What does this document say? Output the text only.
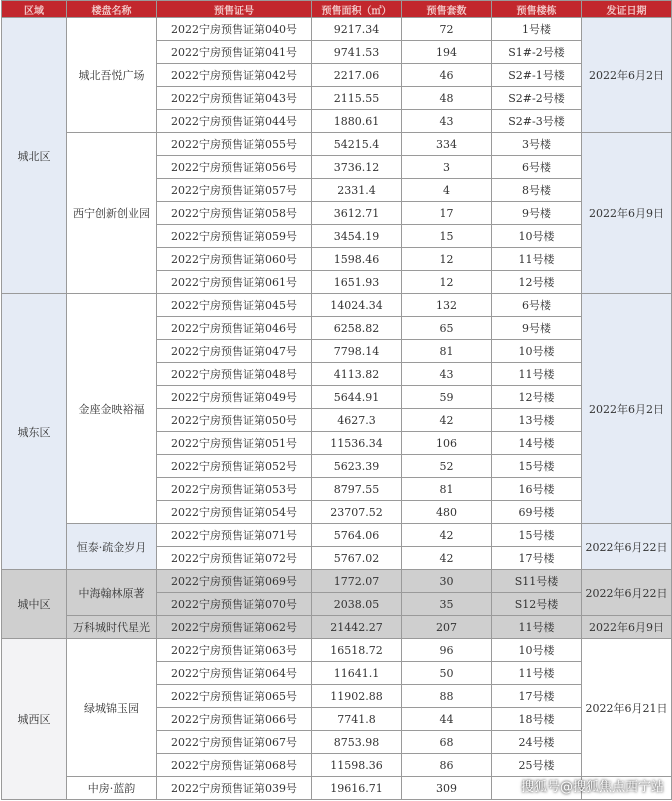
区域	楼盘名称	预售证号	预售面积（㎡）	预售套数	预售楼栋	发证日期
城北区	城北吾悦广场	2022宁房预售证第040号	9217.34	72	1号楼	2022年6月2日
		2022宁房预售证第041号	9741.53	194	S1#-2号楼	
		2022宁房预售证第042号	2217.06	46	S2#-1号楼	
		2022宁房预售证第043号	2115.55	48	S2#-2号楼	
		2022宁房预售证第044号	1880.61	43	S2#-3号楼	
	西宁创新创业园	2022宁房预售证第055号	54215.4	334	3号楼	2022年6月9日
		2022宁房预售证第056号	3736.12	3	6号楼	
		2022宁房预售证第057号	2331.4	4	8号楼	
		2022宁房预售证第058号	3612.71	17	9号楼	
		2022宁房预售证第059号	3454.19	15	10号楼	
		2022宁房预售证第060号	1598.46	12	11号楼	
		2022宁房预售证第061号	1651.93	12	12号楼	
城东区	金座金映裕福	2022宁房预售证第045号	14024.34	132	6号楼	2022年6月2日
		2022宁房预售证第046号	6258.82	65	9号楼	
		2022宁房预售证第047号	7798.14	81	10号楼	
		2022宁房预售证第048号	4113.82	43	11号楼	
		2022宁房预售证第049号	5644.91	59	12号楼	
		2022宁房预售证第050号	4627.3	42	13号楼	
		2022宁房预售证第051号	11536.34	106	14号楼	
		2022宁房预售证第052号	5623.39	52	15号楼	
		2022宁房预售证第053号	8797.55	81	16号楼	
		2022宁房预售证第054号	23707.52	480	69号楼	
	恒泰·疏金岁月	2022宁房预售证第071号	5764.06	42	15号楼	2022年6月22日
		2022宁房预售证第072号	5767.02	42	17号楼	
城中区	中海翰林原著	2022宁房预售证第069号	1772.07	30	S11号楼	2022年6月22日
		2022宁房预售证第070号	2038.05	35	S12号楼	
	万科城时代星光	2022宁房预售证第062号	21442.27	207	11号楼	2022年6月9日
城西区	绿城锦玉园	2022宁房预售证第063号	16518.72	96	10号楼	2022年6月21日
		2022宁房预售证第064号	11641.1	50	11号楼	
		2022宁房预售证第065号	11902.88	88	17号楼	
		2022宁房预售证第066号	7741.8	44	18号楼	
		2022宁房预售证第067号	8753.98	68	24号楼	
		2022宁房预售证第068号	11598.36	86	25号楼	
	中房·蓝韵	2022宁房预售证第039号	19616.71	309			搜狐号@搜狐焦点西宁站
